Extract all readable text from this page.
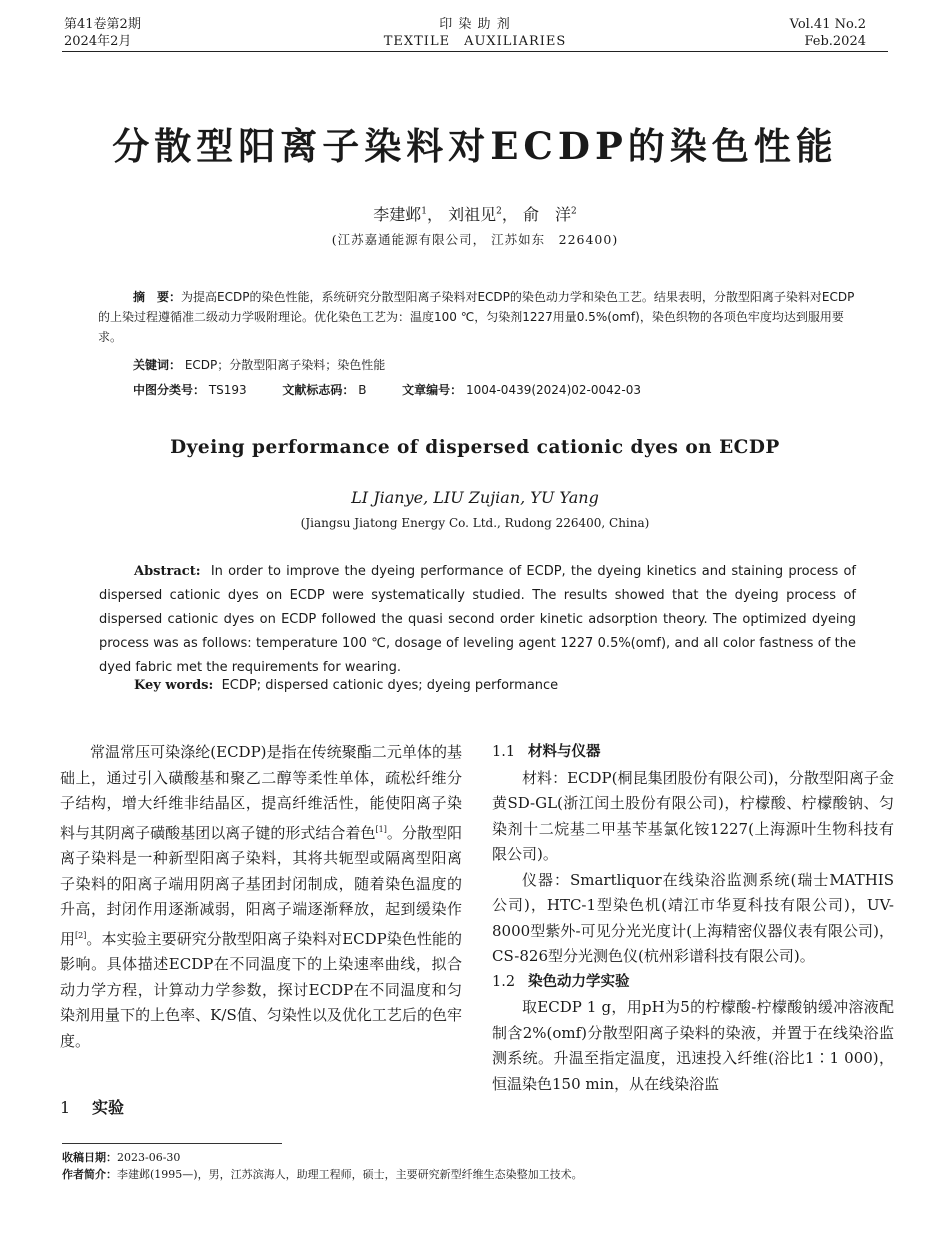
第41卷第2期
2024年2月
印 染 助 剂
TEXTILE　AUXILIARIES
Vol.41 No.2
Feb.2024
分散型阳离子染料对ECDP的染色性能
李建邺$^1$， 刘祖见$^2$， 俞　洋$^2$
(江苏嘉通能源有限公司， 江苏如东　226400)
摘　要：为提高ECDP的染色性能，系统研究分散型阳离子染料对ECDP的染色动力学和染色工艺。结果表明，分散型阳离子染料对ECDP的上染过程遵循准二级动力学吸附理论。优化染色工艺为：温度100 ℃，匀染剂1227用量0.5%(omf)，染色织物的各项色牢度均达到服用要求。
关键词： ECDP；分散型阳离子染料；染色性能
中图分类号： TS193	文献标志码： B	文章编号： 1004-0439(2024)02-0042-03
Dyeing performance of dispersed cationic dyes on ECDP
LI Jianye, LIU Zujian, YU Yang
(Jiangsu Jiatong Energy Co. Ltd., Rudong 226400, China)
Abstract: In order to improve the dyeing performance of ECDP, the dyeing kinetics and staining process of dispersed cationic dyes on ECDP were systematically studied. The results showed that the dyeing process of dispersed cationic dyes on ECDP followed the quasi second order kinetic adsorption theory. The optimized dyeing process was as follows: temperature 100 ℃, dosage of leveling agent 1227 0.5%(omf), and all color fastness of the dyed fabric met the requirements for wearing.
Key words: ECDP; dispersed cationic dyes; dyeing performance

常温常压可染涤纶(ECDP)是指在传统聚酯二元单体的基础上，通过引入磺酸基和聚乙二醇等柔性单体，疏松纤维分子结构，增大纤维非结晶区，提高纤维活性，能使阳离子染料与其阴离子磺酸基团以离子键的形式结合着色[1]。分散型阳离子染料是一种新型阳离子染料，其将共轭型或隔离型阳离子染料的阳离子端用阴离子基团封闭制成，随着染色温度的升高，封闭作用逐渐减弱，阳离子端逐渐释放，起到缓染作用[2]。本实验主要研究分散型阳离子染料对ECDP染色性能的影响。具体描述ECDP在不同温度下的上染速率曲线，拟合动力学方程，计算动力学参数，探讨ECDP在不同温度和匀染剂用量下的上色率、K/S值、匀染性以及优化工艺后的色牢度。

1 实验
1.1 材料与仪器

材料：ECDP(桐昆集团股份有限公司)，分散型阳离子金黄SD-GL(浙江闰土股份有限公司)，柠檬酸、柠檬酸钠、匀染剂十二烷基二甲基苄基氯化铵1227(上海源叶生物科技有限公司)。

仪器：Smartliquor在线染浴监测系统(瑞士MATHIS公司)，HTC-1型染色机(靖江市华夏科技有限公司)，UV-8000型紫外-可见分光光度计(上海精密仪器仪表有限公司)，CS-826型分光测色仪(杭州彩谱科技有限公司)。

1.2 染色动力学实验

取ECDP 1 g，用pH为5的柠檬酸-柠檬酸钠缓冲溶液配制含2%(omf)分散型阳离子染料的染液，并置于在线染浴监测系统。升温至指定温度，迅速投入纤维(浴比1∶1 000)，恒温染色150 min，从在线染浴监

收稿日期：2023-06-30
作者简介：李建邺(1995—)，男，江苏滨海人，助理工程师，硕士，主要研究新型纤维生态染整加工技术。
